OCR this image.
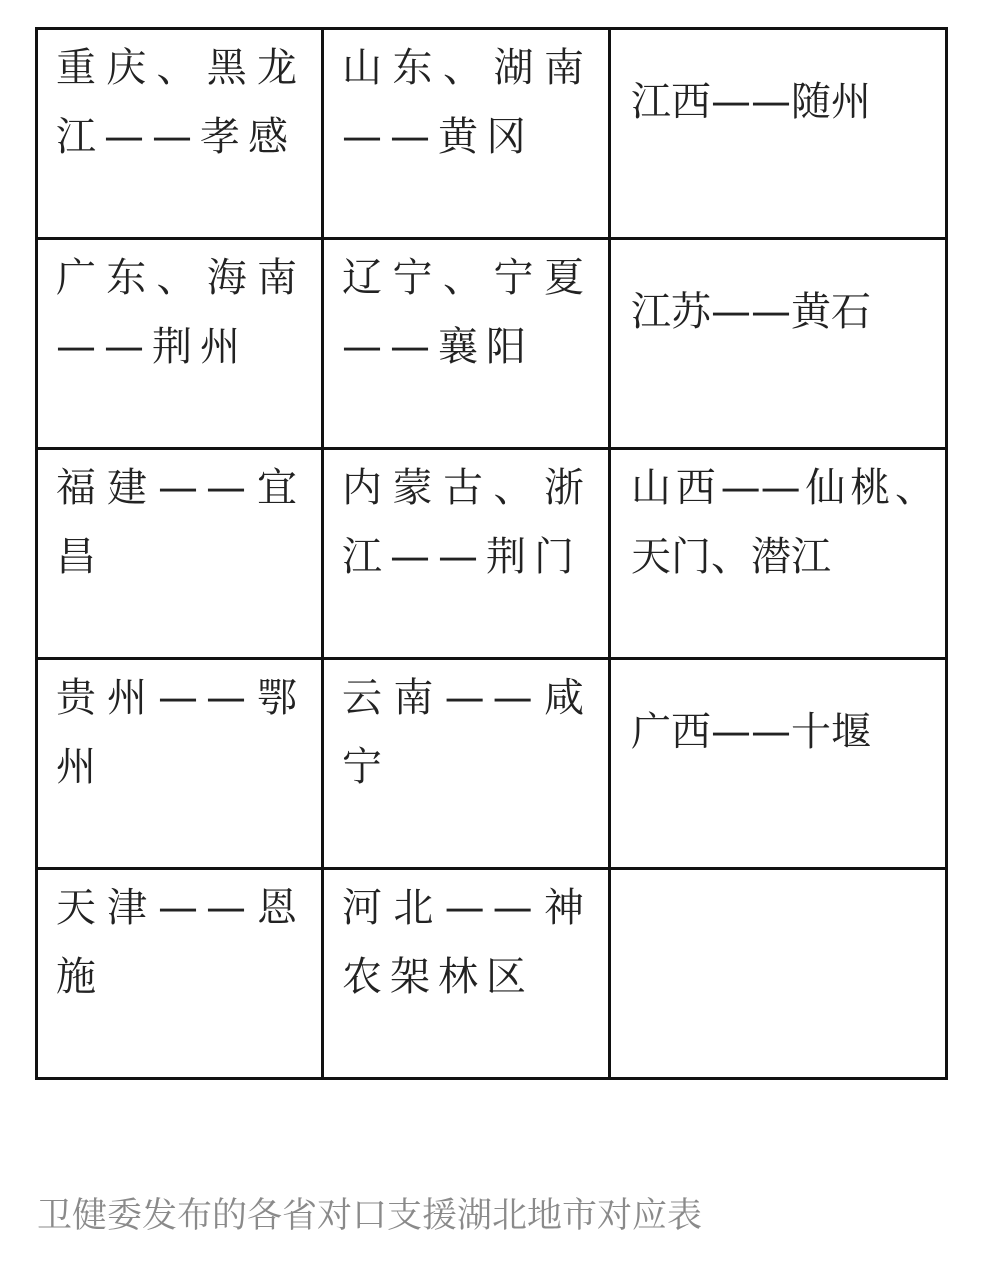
重庆、黑龙江——孝感	山东、湖南——黄冈	江西——随州

广东、海南——荆州	辽宁、宁夏——襄阳	江苏——黄石

福建——宜昌	内蒙古、浙江——荆门	山西——仙桃、天门、潜江

贵州——鄂州	云南——咸宁	广西——十堰

天津——恩施	河北——神农架林区	

卫健委发布的各省对口支援湖北地市对应表
